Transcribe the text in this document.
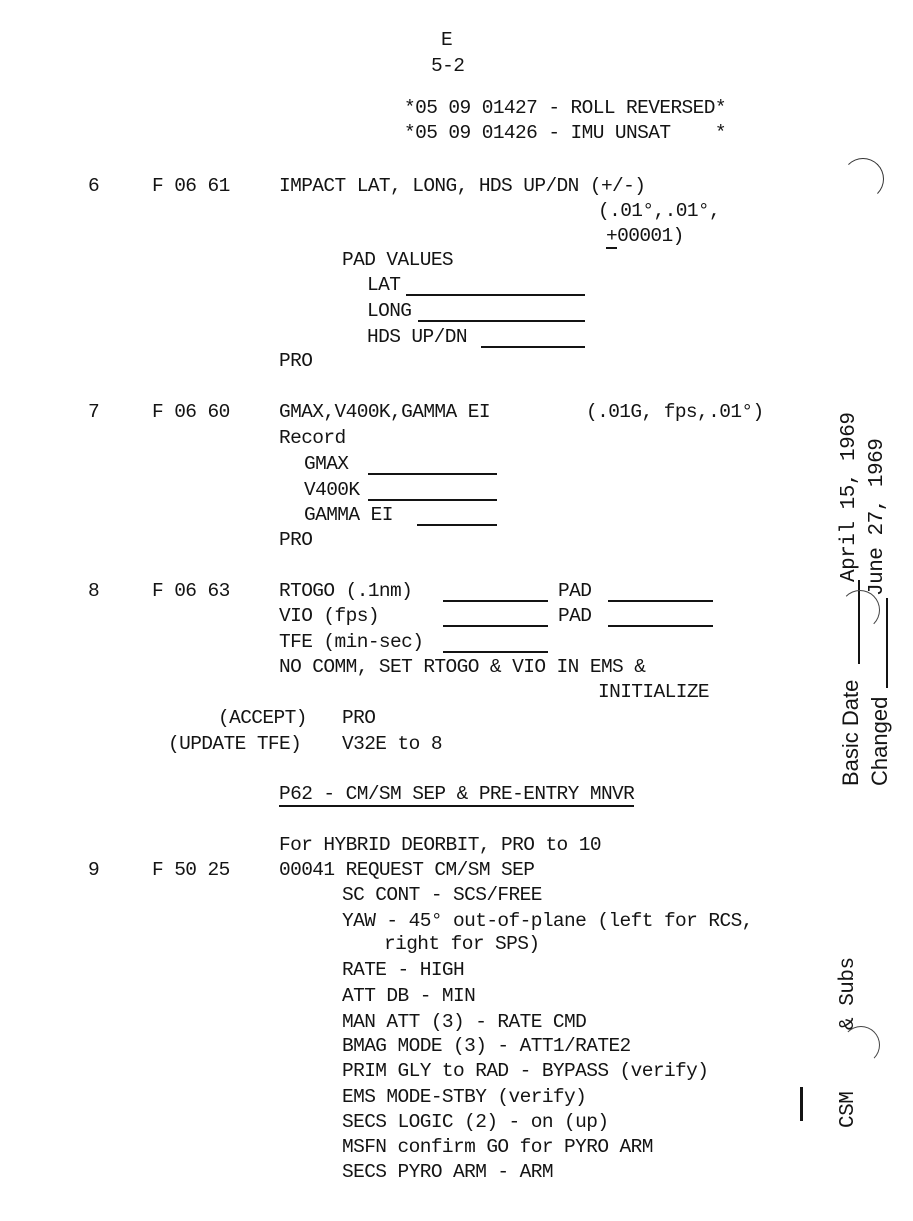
E
5-2
*05 09 01427 - ROLL REVERSED*
*05 09 01426 - IMU UNSAT    *
6	F 06 61	IMPACT LAT, LONG, HDS UP/DN (+/-)
(.01°,.01°,
+00001)
PAD VALUES
LAT
LONG
HDS UP/DN
PRO
7	F 06 60	GMAX,V400K,GAMMA EI	(.01G, fps,.01°)
Record
GMAX
V400K
GAMMA EI
PRO
8	F 06 63	RTOGO (.1nm)	PAD
VIO (fps)	PAD
TFE (min-sec)
NO COMM, SET RTOGO & VIO IN EMS &
INITIALIZE
(ACCEPT) PRO
(UPDATE TFE) V32E to 8
P62 - CM/SM SEP & PRE-ENTRY MNVR
For HYBRID DEORBIT, PRO to 10
9	F 50 25	00041 REQUEST CM/SM SEP
SC CONT - SCS/FREE
YAW - 45° out-of-plane (left for RCS,
right for SPS)
RATE - HIGH
ATT DB - MIN
MAN ATT (3) - RATE CMD
BMAG MODE (3) - ATT1/RATE2
PRIM GLY to RAD - BYPASS (verify)
EMS MODE-STBY (verify)
SECS LOGIC (2) - on (up)
MSFN confirm GO for PYRO ARM
SECS PYRO ARM - ARM
Basic Date
April 15, 1969
Changed
June 27, 1969
CSM
& Subs
